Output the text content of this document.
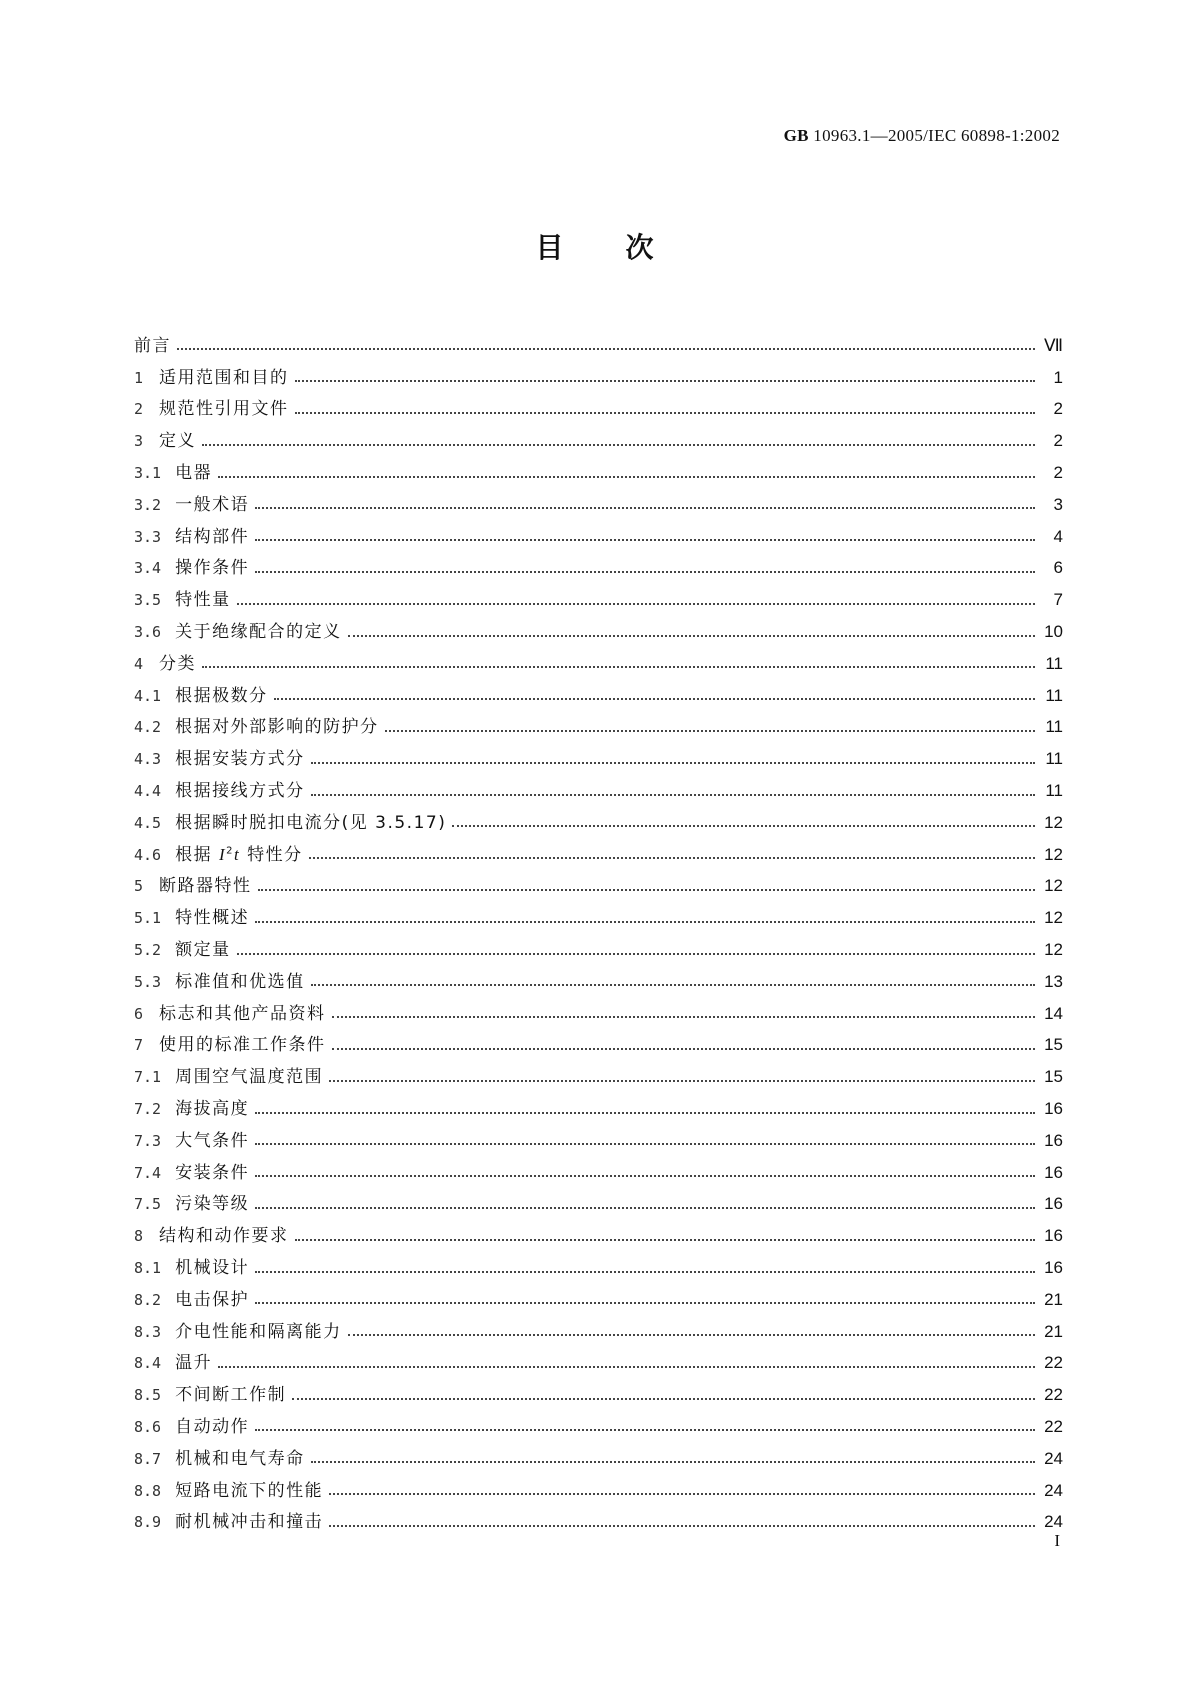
GB 10963.1—2005/IEC 60898-1:2002
目次
前言	Ⅶ
1 适用范围和目的	1
2 规范性引用文件	2
3 定义	2
3.1 电器	2
3.2 一般术语	3
3.3 结构部件	4
3.4 操作条件	6
3.5 特性量	7
3.6 关于绝缘配合的定义	10
4 分类	11
4.1 根据极数分	11
4.2 根据对外部影响的防护分	11
4.3 根据安装方式分	11
4.4 根据接线方式分	11
4.5 根据瞬时脱扣电流分(见 3.5.17)	12
4.6 根据 $I^2t$ 特性分	12
5 断路器特性	12
5.1 特性概述	12
5.2 额定量	12
5.3 标准值和优选值	13
6 标志和其他产品资料	14
7 使用的标准工作条件	15
7.1 周围空气温度范围	15
7.2 海拔高度	16
7.3 大气条件	16
7.4 安装条件	16
7.5 污染等级	16
8 结构和动作要求	16
8.1 机械设计	16
8.2 电击保护	21
8.3 介电性能和隔离能力	21
8.4 温升	22
8.5 不间断工作制	22
8.6 自动动作	22
8.7 机械和电气寿命	24
8.8 短路电流下的性能	24
8.9 耐机械冲击和撞击	24
I
